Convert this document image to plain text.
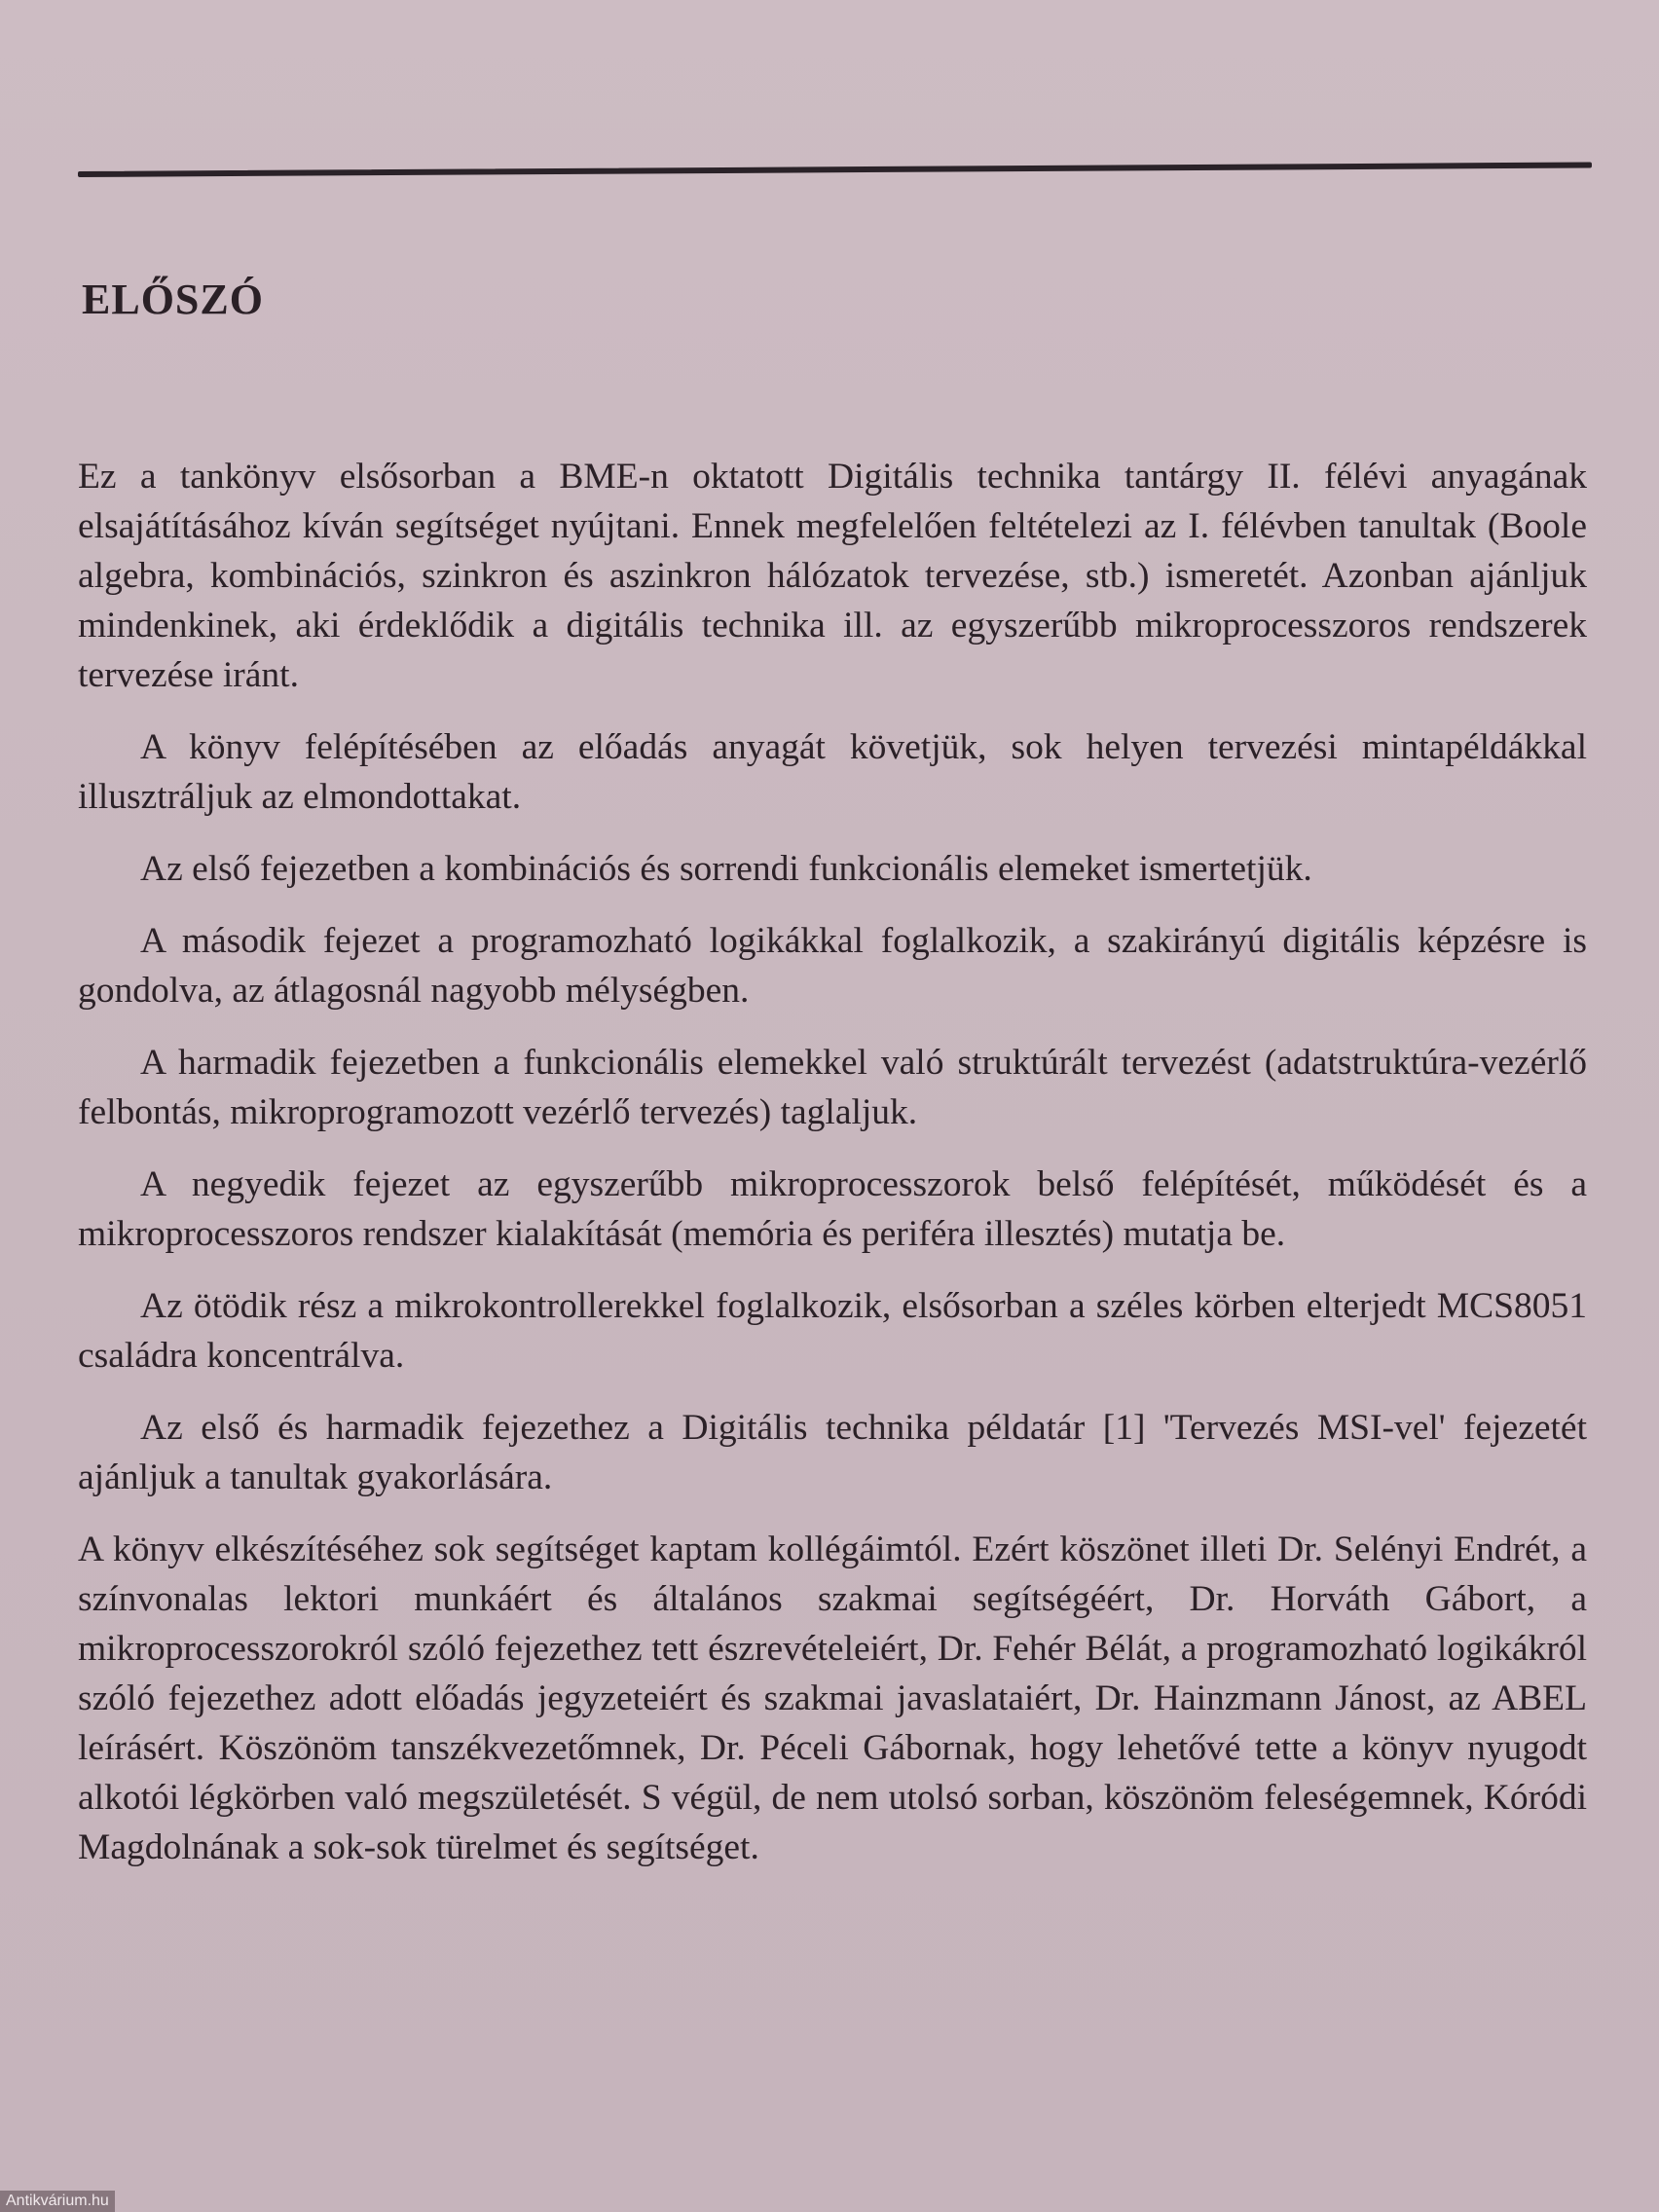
ELŐSZÓ

Ez a tankönyv elsősorban a BME-n oktatott Digitális technika tantárgy II. félévi anyagának elsajátításához kíván segítséget nyújtani. Ennek megfelelően feltételezi az I. félévben tanultak (Boole algebra, kombinációs, szinkron és aszinkron hálózatok tervezése, stb.) ismeretét. Azonban ajánljuk mindenkinek, aki érdeklődik a digitális technika ill. az egyszerűbb mikroprocesszoros rendszerek tervezése iránt.

A könyv felépítésében az előadás anyagát követjük, sok helyen tervezési mintapéldákkal illusztráljuk az elmondottakat.

Az első fejezetben a kombinációs és sorrendi funkcionális elemeket ismertetjük.

A második fejezet a programozható logikákkal foglalkozik, a szakirányú digitális képzésre is gondolva, az átlagosnál nagyobb mélységben.

A harmadik fejezetben a funkcionális elemekkel való struktúrált tervezést (adatstruktúra-vezérlő felbontás, mikroprogramozott vezérlő tervezés) taglaljuk.

A negyedik fejezet az egyszerűbb mikroprocesszorok belső felépítését, működését és a mikroprocesszoros rendszer kialakítását (memória és periféra illesztés) mutatja be.

Az ötödik rész a mikrokontrollerekkel foglalkozik, elsősorban a széles körben elterjedt MCS8051 családra koncentrálva.

Az első és harmadik fejezethez a Digitális technika példatár [1] 'Tervezés MSI-vel' fejezetét ajánljuk a tanultak gyakorlására.

A könyv elkészítéséhez sok segítséget kaptam kollégáimtól. Ezért köszönet illeti Dr. Selényi Endrét, a színvonalas lektori munkáért és általános szakmai segítségéért, Dr. Horváth Gábort, a mikroprocesszorokról szóló fejezethez tett észrevételeiért, Dr. Fehér Bélát, a programozható logikákról szóló fejezethez adott előadás jegyzeteiért és szakmai javaslataiért, Dr. Hainzmann Jánost, az ABEL leírásért. Köszönöm tanszékvezetőmnek, Dr. Péceli Gábornak, hogy lehetővé tette a könyv nyugodt alkotói légkörben való megszületését. S végül, de nem utolsó sorban, köszönöm feleségemnek, Kóródi Magdolnának a sok-sok türelmet és segítséget.

Antikvárium.hu
